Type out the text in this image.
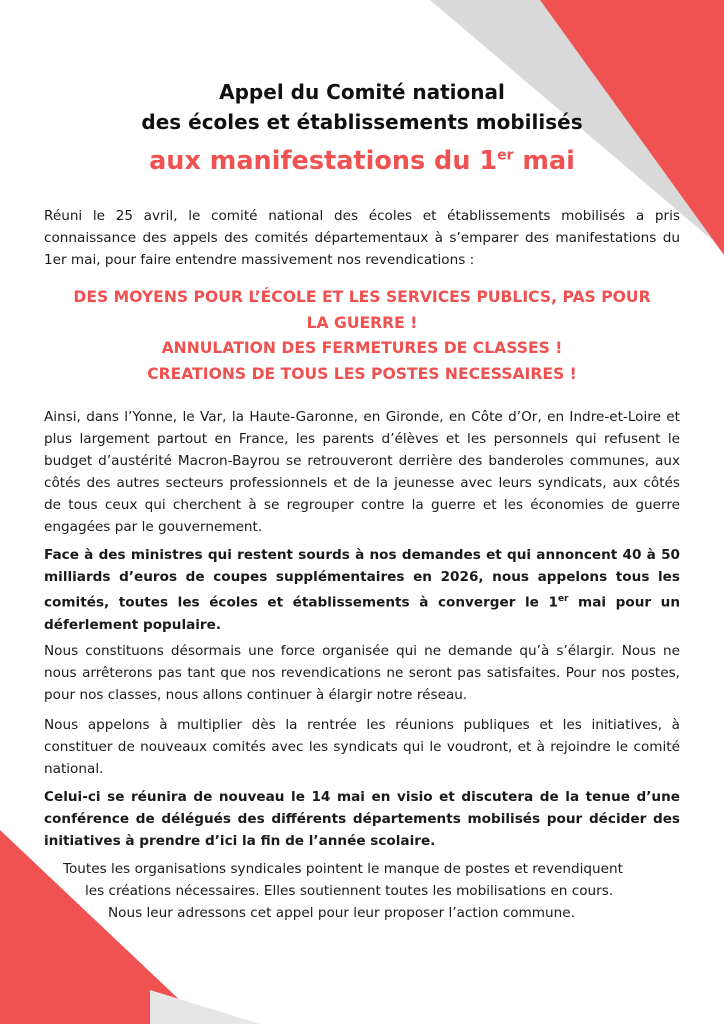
Appel du Comité national
des écoles et établissements mobilisés
aux manifestations du 1er mai

Réuni le 25 avril, le comité national des écoles et établissements mobilisés a pris connaissance des appels des comités départementaux à s’emparer des manifestations du 1er mai, pour faire entendre massivement nos revendications :

DES MOYENS POUR L’ÉCOLE ET LES SERVICES PUBLICS, PAS POUR
LA GUERRE !
ANNULATION DES FERMETURES DE CLASSES !
CREATIONS DE TOUS LES POSTES NECESSAIRES !

Ainsi, dans l’Yonne, le Var, la Haute-Garonne, en Gironde, en Côte d’Or, en Indre-et-Loire et plus largement partout en France, les parents d’élèves et les personnels qui refusent le budget d’austérité Macron-Bayrou se retrouveront derrière des banderoles communes, aux côtés des autres secteurs professionnels et de la jeunesse avec leurs syndicats, aux côtés de tous ceux qui cherchent à se regrouper contre la guerre et les économies de guerre engagées par le gouvernement.

Face à des ministres qui restent sourds à nos demandes et qui annoncent 40 à 50 milliards d’euros de coupes supplémentaires en 2026, nous appelons tous les comités, toutes les écoles et établissements à converger le 1er mai pour un déferlement populaire.

Nous constituons désormais une force organisée qui ne demande qu’à s’élargir. Nous ne nous arrêterons pas tant que nos revendications ne seront pas satisfaites. Pour nos postes, pour nos classes, nous allons continuer à élargir notre réseau.

Nous appelons à multiplier dès la rentrée les réunions publiques et les initiatives, à constituer de nouveaux comités avec les syndicats qui le voudront, et à rejoindre le comité national.

Celui-ci se réunira de nouveau le 14 mai en visio et discutera de la tenue d’une conférence de délégués des différents départements mobilisés pour décider des initiatives à prendre d’ici la fin de l’année scolaire.

Toutes les organisations syndicales pointent le manque de postes et revendiquent
les créations nécessaires. Elles soutiennent toutes les mobilisations en cours.
Nous leur adressons cet appel pour leur proposer l’action commune.
